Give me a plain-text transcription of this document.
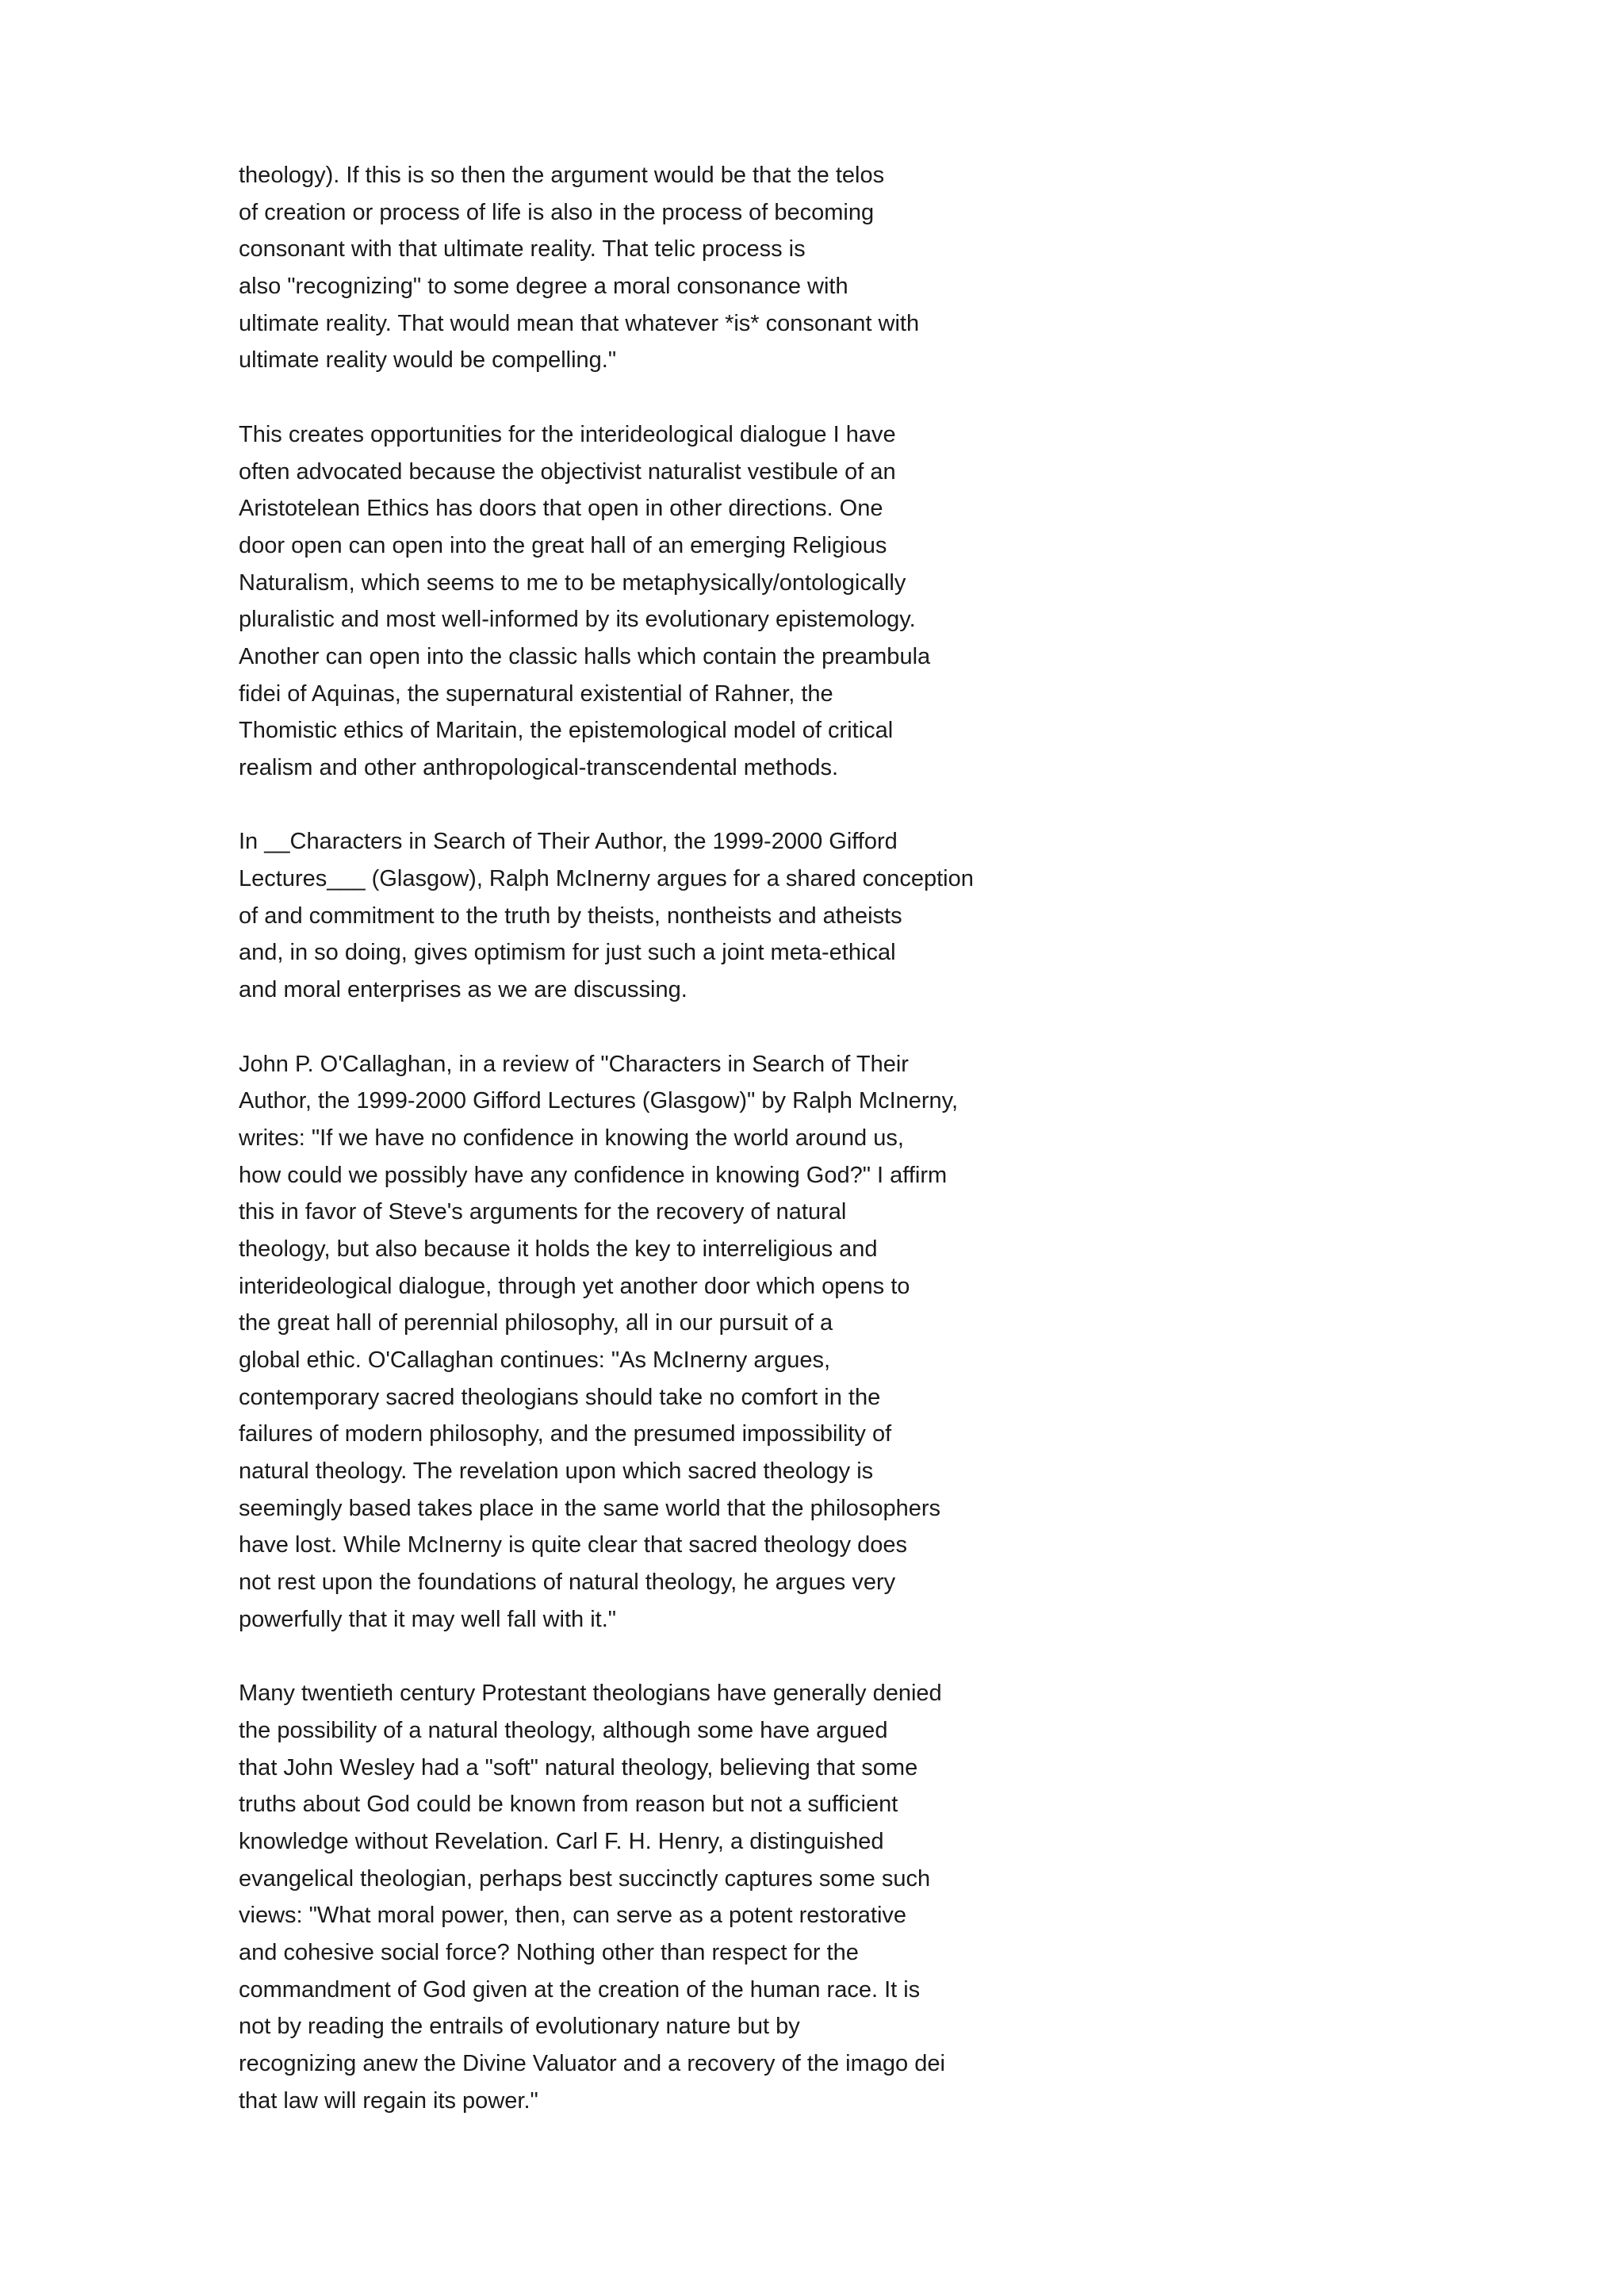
theology). If this is so then the argument would be that the telos
of creation or process of life is also in the process of becoming
consonant with that ultimate reality. That telic process is
also "recognizing" to some degree a moral consonance with
ultimate reality. That would mean that whatever *is* consonant with
ultimate reality would be compelling."

This creates opportunities for the interideological dialogue I have
often advocated because the objectivist naturalist vestibule of an
Aristotelean Ethics has doors that open in other directions. One
door open can open into the great hall of an emerging Religious
Naturalism, which seems to me to be metaphysically/ontologically
pluralistic and most well-informed by its evolutionary epistemology.
Another can open into the classic halls which contain the preambula
fidei of Aquinas, the supernatural existential of Rahner, the
Thomistic ethics of Maritain, the epistemological model of critical
realism and other anthropological-transcendental methods.

In __Characters in Search of Their Author, the 1999-2000 Gifford
Lectures___ (Glasgow), Ralph McInerny argues for a shared conception
of and commitment to the truth by theists, nontheists and atheists
and, in so doing, gives optimism for just such a joint meta-ethical
and moral enterprises as we are discussing.

John P. O'Callaghan, in a review of "Characters in Search of Their
Author, the 1999-2000 Gifford Lectures (Glasgow)" by Ralph McInerny,
writes: "If we have no confidence in knowing the world around us,
how could we possibly have any confidence in knowing God?" I affirm
this in favor of Steve's arguments for the recovery of natural
theology, but also because it holds the key to interreligious and
interideological dialogue, through yet another door which opens to
the great hall of perennial philosophy, all in our pursuit of a
global ethic. O'Callaghan continues: "As McInerny argues,
contemporary sacred theologians should take no comfort in the
failures of modern philosophy, and the presumed impossibility of
natural theology. The revelation upon which sacred theology is
seemingly based takes place in the same world that the philosophers
have lost. While McInerny is quite clear that sacred theology does
not rest upon the foundations of natural theology, he argues very
powerfully that it may well fall with it."

Many twentieth century Protestant theologians have generally denied
the possibility of a natural theology, although some have argued
that John Wesley had a "soft" natural theology, believing that some
truths about God could be known from reason but not a sufficient
knowledge without Revelation. Carl F. H. Henry, a distinguished
evangelical theologian, perhaps best succinctly captures some such
views: "What moral power, then, can serve as a potent restorative
and cohesive social force? Nothing other than respect for the
commandment of God given at the creation of the human race. It is
not by reading the entrails of evolutionary nature but by
recognizing anew the Divine Valuator and a recovery of the imago dei
that law will regain its power."
